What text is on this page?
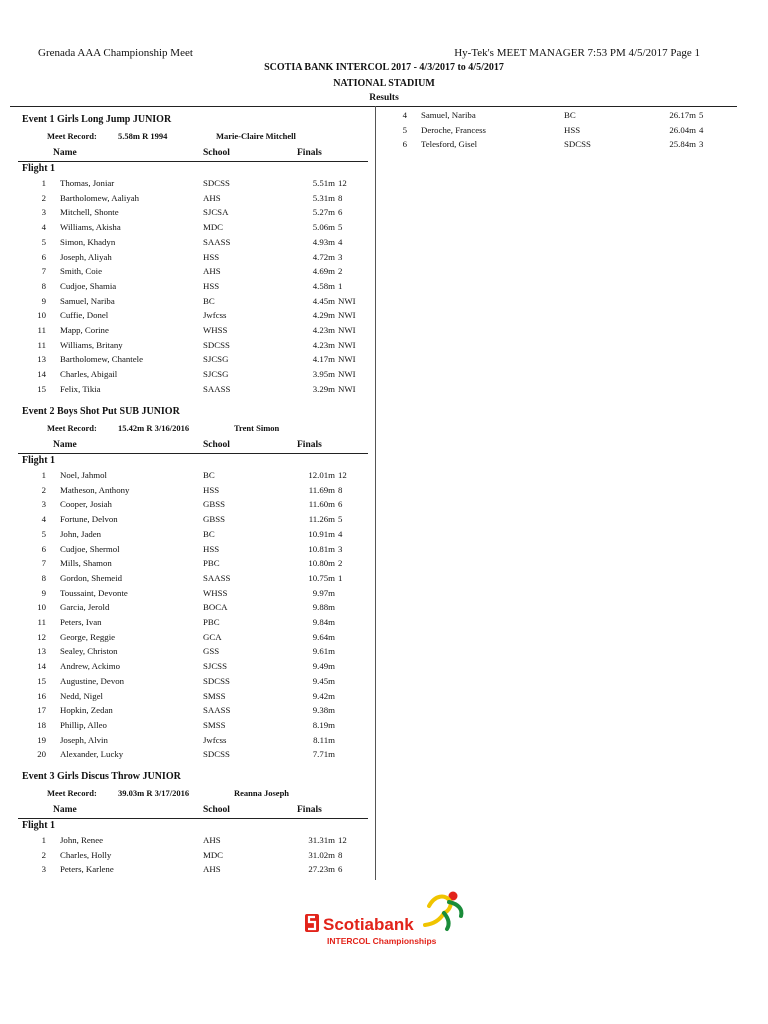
Grenada AAA Championship Meet	Hy-Tek's MEET MANAGER 7:53 PM 4/5/2017 Page 1
SCOTIA BANK INTERCOL 2017 - 4/3/2017 to 4/5/2017
NATIONAL STADIUM
Results
Event 1 Girls Long Jump JUNIOR
Meet Record: 5.58m R 1994	Marie-Claire Mitchell
Name	School	Finals
Flight 1
1 Thomas, Joniar	SDCSS	5.51m 12
2 Bartholomew, Aaliyah	AHS	5.31m 8
3 Mitchell, Shonte	SJCSA	5.27m 6
4 Williams, Akisha	MDC	5.06m 5
5 Simon, Khadyn	SAASS	4.93m 4
6 Joseph, Aliyah	HSS	4.72m 3
7 Smith, Coie	AHS	4.69m 2
8 Cudjoe, Shamia	HSS	4.58m 1
9 Samuel, Nariba	BC	4.45m NWI
10 Cuffie, Donel	Jwfcss	4.29m NWI
11 Mapp, Corine	WHSS	4.23m NWI
11 Williams, Britany	SDCSS	4.23m NWI
13 Bartholomew, Chantele	SJCSG	4.17m NWI
14 Charles, Abigail	SJCSG	3.95m NWI
15 Felix, Tikia	SAASS	3.29m NWI
Event 2 Boys Shot Put SUB JUNIOR
Meet Record: 15.42m R 3/16/2016	Trent Simon
Name	School	Finals
Flight 1
1 Noel, Jahmol	BC	12.01m 12
2 Matheson, Anthony	HSS	11.69m 8
3 Cooper, Josiah	GBSS	11.60m 6
4 Fortune, Delvon	GBSS	11.26m 5
5 John, Jaden	BC	10.91m 4
6 Cudjoe, Shermol	HSS	10.81m 3
7 Mills, Shamon	PBC	10.80m 2
8 Gordon, Shemeid	SAASS	10.75m 1
9 Toussaint, Devonte	WHSS	9.97m
10 Garcia, Jerold	BOCA	9.88m
11 Peters, Ivan	PBC	9.84m
12 George, Reggie	GCA	9.64m
13 Sealey, Christon	GSS	9.61m
14 Andrew, Ackimo	SJCSS	9.49m
15 Augustine, Devon	SDCSS	9.45m
16 Nedd, Nigel	SMSS	9.42m
17 Hopkin, Zedan	SAASS	9.38m
18 Phillip, Alleo	SMSS	8.19m
19 Joseph, Alvin	Jwfcss	8.11m
20 Alexander, Lucky	SDCSS	7.71m
Event 3 Girls Discus Throw JUNIOR
Meet Record: 39.03m R 3/17/2016	Reanna Joseph
Name	School	Finals
Flight 1
1 John, Renee	AHS	31.31m 12
2 Charles, Holly	MDC	31.02m 8
3 Peters, Karlene	AHS	27.23m 6
4 Samuel, Nariba	BC	26.17m 5
5 Deroche, Francess	HSS	26.04m 4
6 Telesford, Gisel	SDCSS	25.84m 3
Scotiabank
INTERCOL Championships
